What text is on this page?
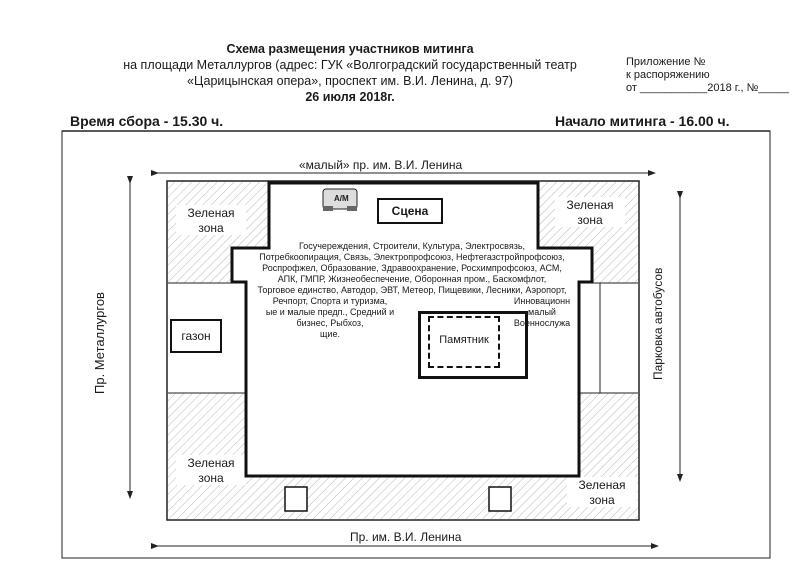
Схема размещения участников митинга
на площади Металлургов (адрес: ГУК «Волгоградский государственный театр
«Царицынская опера», проспект им. В.И. Ленина, д. 97)
26 июля 2018г.
Приложение №
к распоряжению
от ___________2018 г., №_____
Время сбора - 15.30 ч.	Начало митинга - 16.00 ч.
«малый» пр. им. В.И. Ленина
Пр. им. В.И. Ленина
Пр. Металлургов	Парковка автобусов
Зеленая
зона
Зеленая
зона
Зеленая
зона	Зеленая
зона
газон
Сцена
А/М
Памятник
Госучереждения, Строители, Культура, Электросвязь,
Потребкоопирация, Связь, Электропрофсоюз, Нефтегазстройпрофсоюз,
Роспрофжел, Образование, Здравоохранение, Росхимпрофсоюз, АСМ,
АПК, ГМПР, Жизнеобеспечение, Оборонная пром., Баскомфлот,
Торговое единство, Автодор, ЭВТ, Метеор, Пищевики, Лесники, Аэропорт,
Речпорт, Спорта и туризма,
ые и малые предп., Средний и
бизнес, Рыбхоз,
щие.
Инновационн
малый
Военнослужа
